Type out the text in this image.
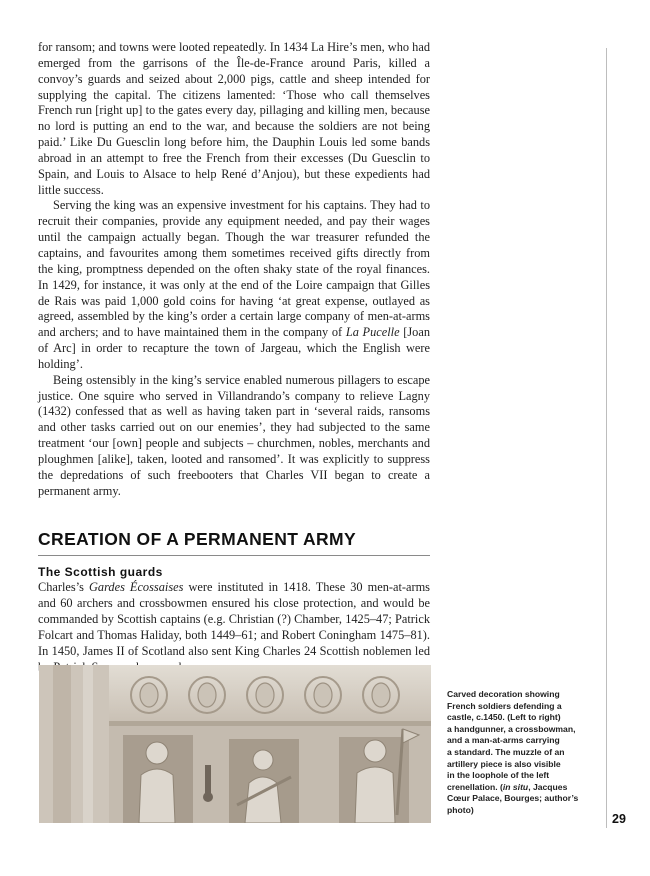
for ransom; and towns were looted repeatedly. In 1434 La Hire’s men, who had emerged from the garrisons of the Île-de-France around Paris, killed a convoy’s guards and seized about 2,000 pigs, cattle and sheep intended for supplying the capital. The citizens lamented: ‘Those who call themselves French run [right up] to the gates every day, pillaging and killing men, because no lord is putting an end to the war, and because the soldiers are not being paid.’ Like Du Guesclin long before him, the Dauphin Louis led some bands abroad in an attempt to free the French from their excesses (Du Guesclin to Spain, and Louis to Alsace to help René d’Anjou), but these expedients had little success.

Serving the king was an expensive investment for his captains. They had to recruit their companies, provide any equipment needed, and pay their wages until the campaign actually began. Though the war treasurer refunded the captains, and favourites among them sometimes received gifts directly from the king, promptness depended on the often shaky state of the royal finances. In 1429, for instance, it was only at the end of the Loire campaign that Gilles de Rais was paid 1,000 gold coins for having ‘at great expense, outlayed as agreed, assembled by the king’s order a certain large company of men-at-arms and archers; and to have maintained them in the company of La Pucelle [Joan of Arc] in order to recapture the town of Jargeau, which the English were holding’.

Being ostensibly in the king’s service enabled numerous pillagers to escape justice. One squire who served in Villandrando’s company to relieve Lagny (1432) confessed that as well as having taken part in ‘several raids, ransoms and other tasks carried out on our enemies’, they had subjected to the same treatment ‘our [own] people and subjects – churchmen, nobles, merchants and ploughmen [alike], taken, looted and ransomed’. It was explicitly to suppress the depredations of such freebooters that Charles VII began to create a permanent army.

CREATION OF A PERMANENT ARMY
The Scottish guards

Charles’s Gardes Écossaises were instituted in 1418. These 30 men-at-arms and 60 archers and crossbowmen ensured his close protection, and would be commanded by Scottish captains (e.g. Christian (?) Chamber, 1425–47; Patrick Folcart and Thomas Haliday, both 1449–61; and Robert Coningham 1475–81). In 1450, James II of Scotland also sent King Charles 24 Scottish noblemen led

Carved decoration showing
French soldiers defending a
castle, c.1450. (Left to right)
a handgunner, a crossbowman,
and a man-at-arms carrying
a standard. The muzzle of an
artillery piece is also visible
in the loophole of the left
crenellation. (in situ, Jacques
Cœur Palace, Bourges; author’s
photo)
29
